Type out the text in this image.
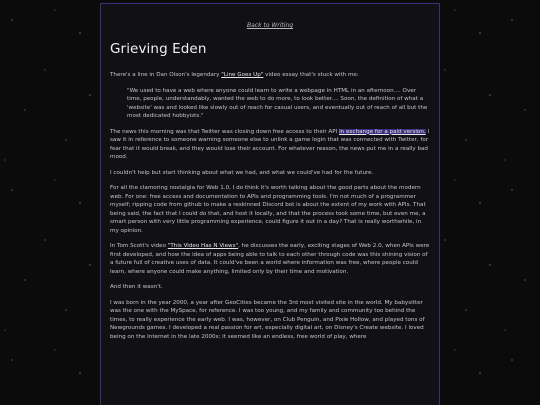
Back to Writing
Grieving Eden

There's a line in Dan Olson's legendary "Line Goes Up" video essay that's stuck with me:

"We used to have a web where anyone could learn to write a webpage in HTML in an afternoon.... Over time, people, understandably, wanted the web to do more, to look better.... Soon, the definition of what a 'website' was and looked like slowly out of reach for casual users, and eventually out of reach of all but the most dedicated hobbyists."

The news this morning was that Twitter was closing down free access to their API in exchange for a paid version. I saw it in reference to someone warning someone else to unlink a game login that was connected with Twitter, for fear that it would break, and they would lose their account. For whatever reason, the news put me in a really bad mood.

I couldn't help but start thinking about what we had, and what we could've had for the future.

For all the clamoring nostalgia for Web 1.0, I do think it's worth talking about the good parts about the modern web. For one: free access and documentation to APIs and programming tools. I'm not much of a programmer myself; ripping code from github to make a reskinned Discord bot is about the extent of my work with APIs. That being said, the fact that I could do that, and host it locally, and that the process took some time, but even me, a smart person with very little programming experience, could figure it out in a day? That is really worthwhile, in my opinion.

In Tom Scott's video "This Video Has N Views", he discusses the early, exciting stages of Web 2.0, when APIs were first developed, and how the idea of apps being able to talk to each other through code was this shining vision of a future full of creative uses of data. It could've been a world where information was free, where people could learn, where anyone could make anything, limited only by their time and motivation.

And then it wasn't.

I was born in the year 2000, a year after GeoCities became the 3rd most visited site in the world. My babysitter was the one with the MySpace, for reference. I was too young, and my family and community too behind the times, to really experience the early web. I was, however, on Club Penguin, and Pixie Hollow, and played tons of Newgrounds games. I developed a real passion for art, especially digital art, on Disney's Create website. I loved being on the Internet in the late 2000s; it seemed like an endless, free world of play, where
